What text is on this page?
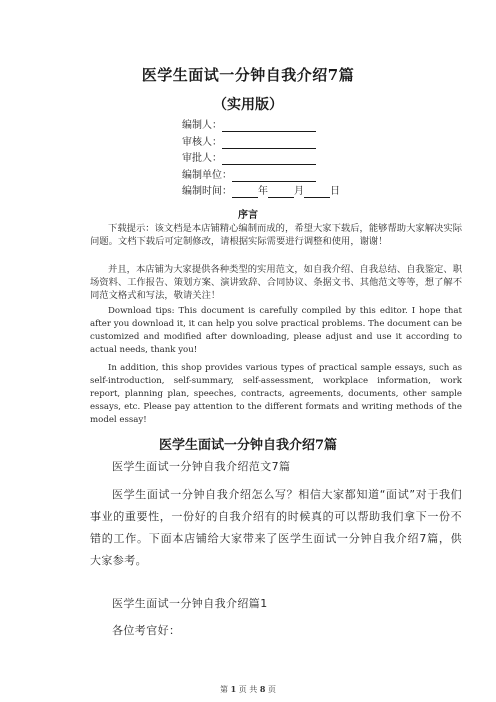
医学生面试一分钟自我介绍7篇
（实用版）
编制人：
审核人：
审批人：
编制单位：
编制时间：	年	月	日
序言
下载提示：该文档是本店铺精心编制而成的，希望大家下载后，能够帮助大家解决实际问题。文档下载后可定制修改，请根据实际需要进行调整和使用，谢谢！
并且，本店铺为大家提供各种类型的实用范文，如自我介绍、自我总结、自我鉴定、职场资料、工作报告、策划方案、演讲致辞、合同协议、条据文书、其他范文等等，想了解不同范文格式和写法，敬请关注！
Download tips: This document is carefully compiled by this editor. I hope that after you download it, it can help you solve practical problems. The document can be customized and modified after downloading, please adjust and use it according to actual needs, thank you!
In addition, this shop provides various types of practical sample essays, such as self-introduction, self-summary, self-assessment, workplace information, work report, planning plan, speeches, contracts, agreements, documents, other sample essays, etc. Please pay attention to the different formats and writing methods of the model essay!
医学生面试一分钟自我介绍7篇
医学生面试一分钟自我介绍范文7篇
医学生面试一分钟自我介绍怎么写？相信大家都知道“面试”对于我们事业的重要性，一份好的自我介绍有的时候真的可以帮助我们拿下一份不错的工作。下面本店铺给大家带来了医学生面试一分钟自我介绍7篇，供大家参考。
医学生面试一分钟自我介绍篇1
各位考官好：
第 1 页 共 8 页
